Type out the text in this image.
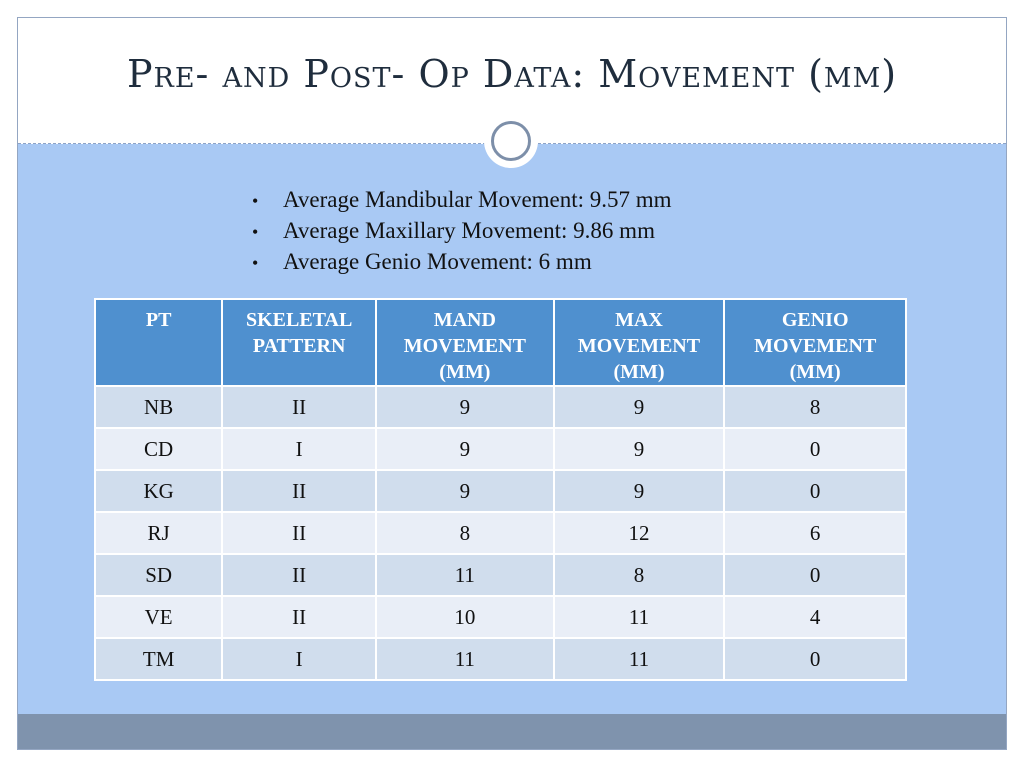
Pre- and Post- Op Data: Movement (mm)
• Average Mandibular Movement: 9.57 mm
• Average Maxillary Movement: 9.86 mm
• Average Genio Movement: 6 mm
PT	SKELETAL PATTERN	MAND MOVEMENT (MM)	MAX MOVEMENT (MM)	GENIO MOVEMENT (MM)
NB	II	9	9	8
CD	I	9	9	0
KG	II	9	9	0
RJ	II	8	12	6
SD	II	11	8	0
VE	II	10	11	4
TM	I	11	11	0
